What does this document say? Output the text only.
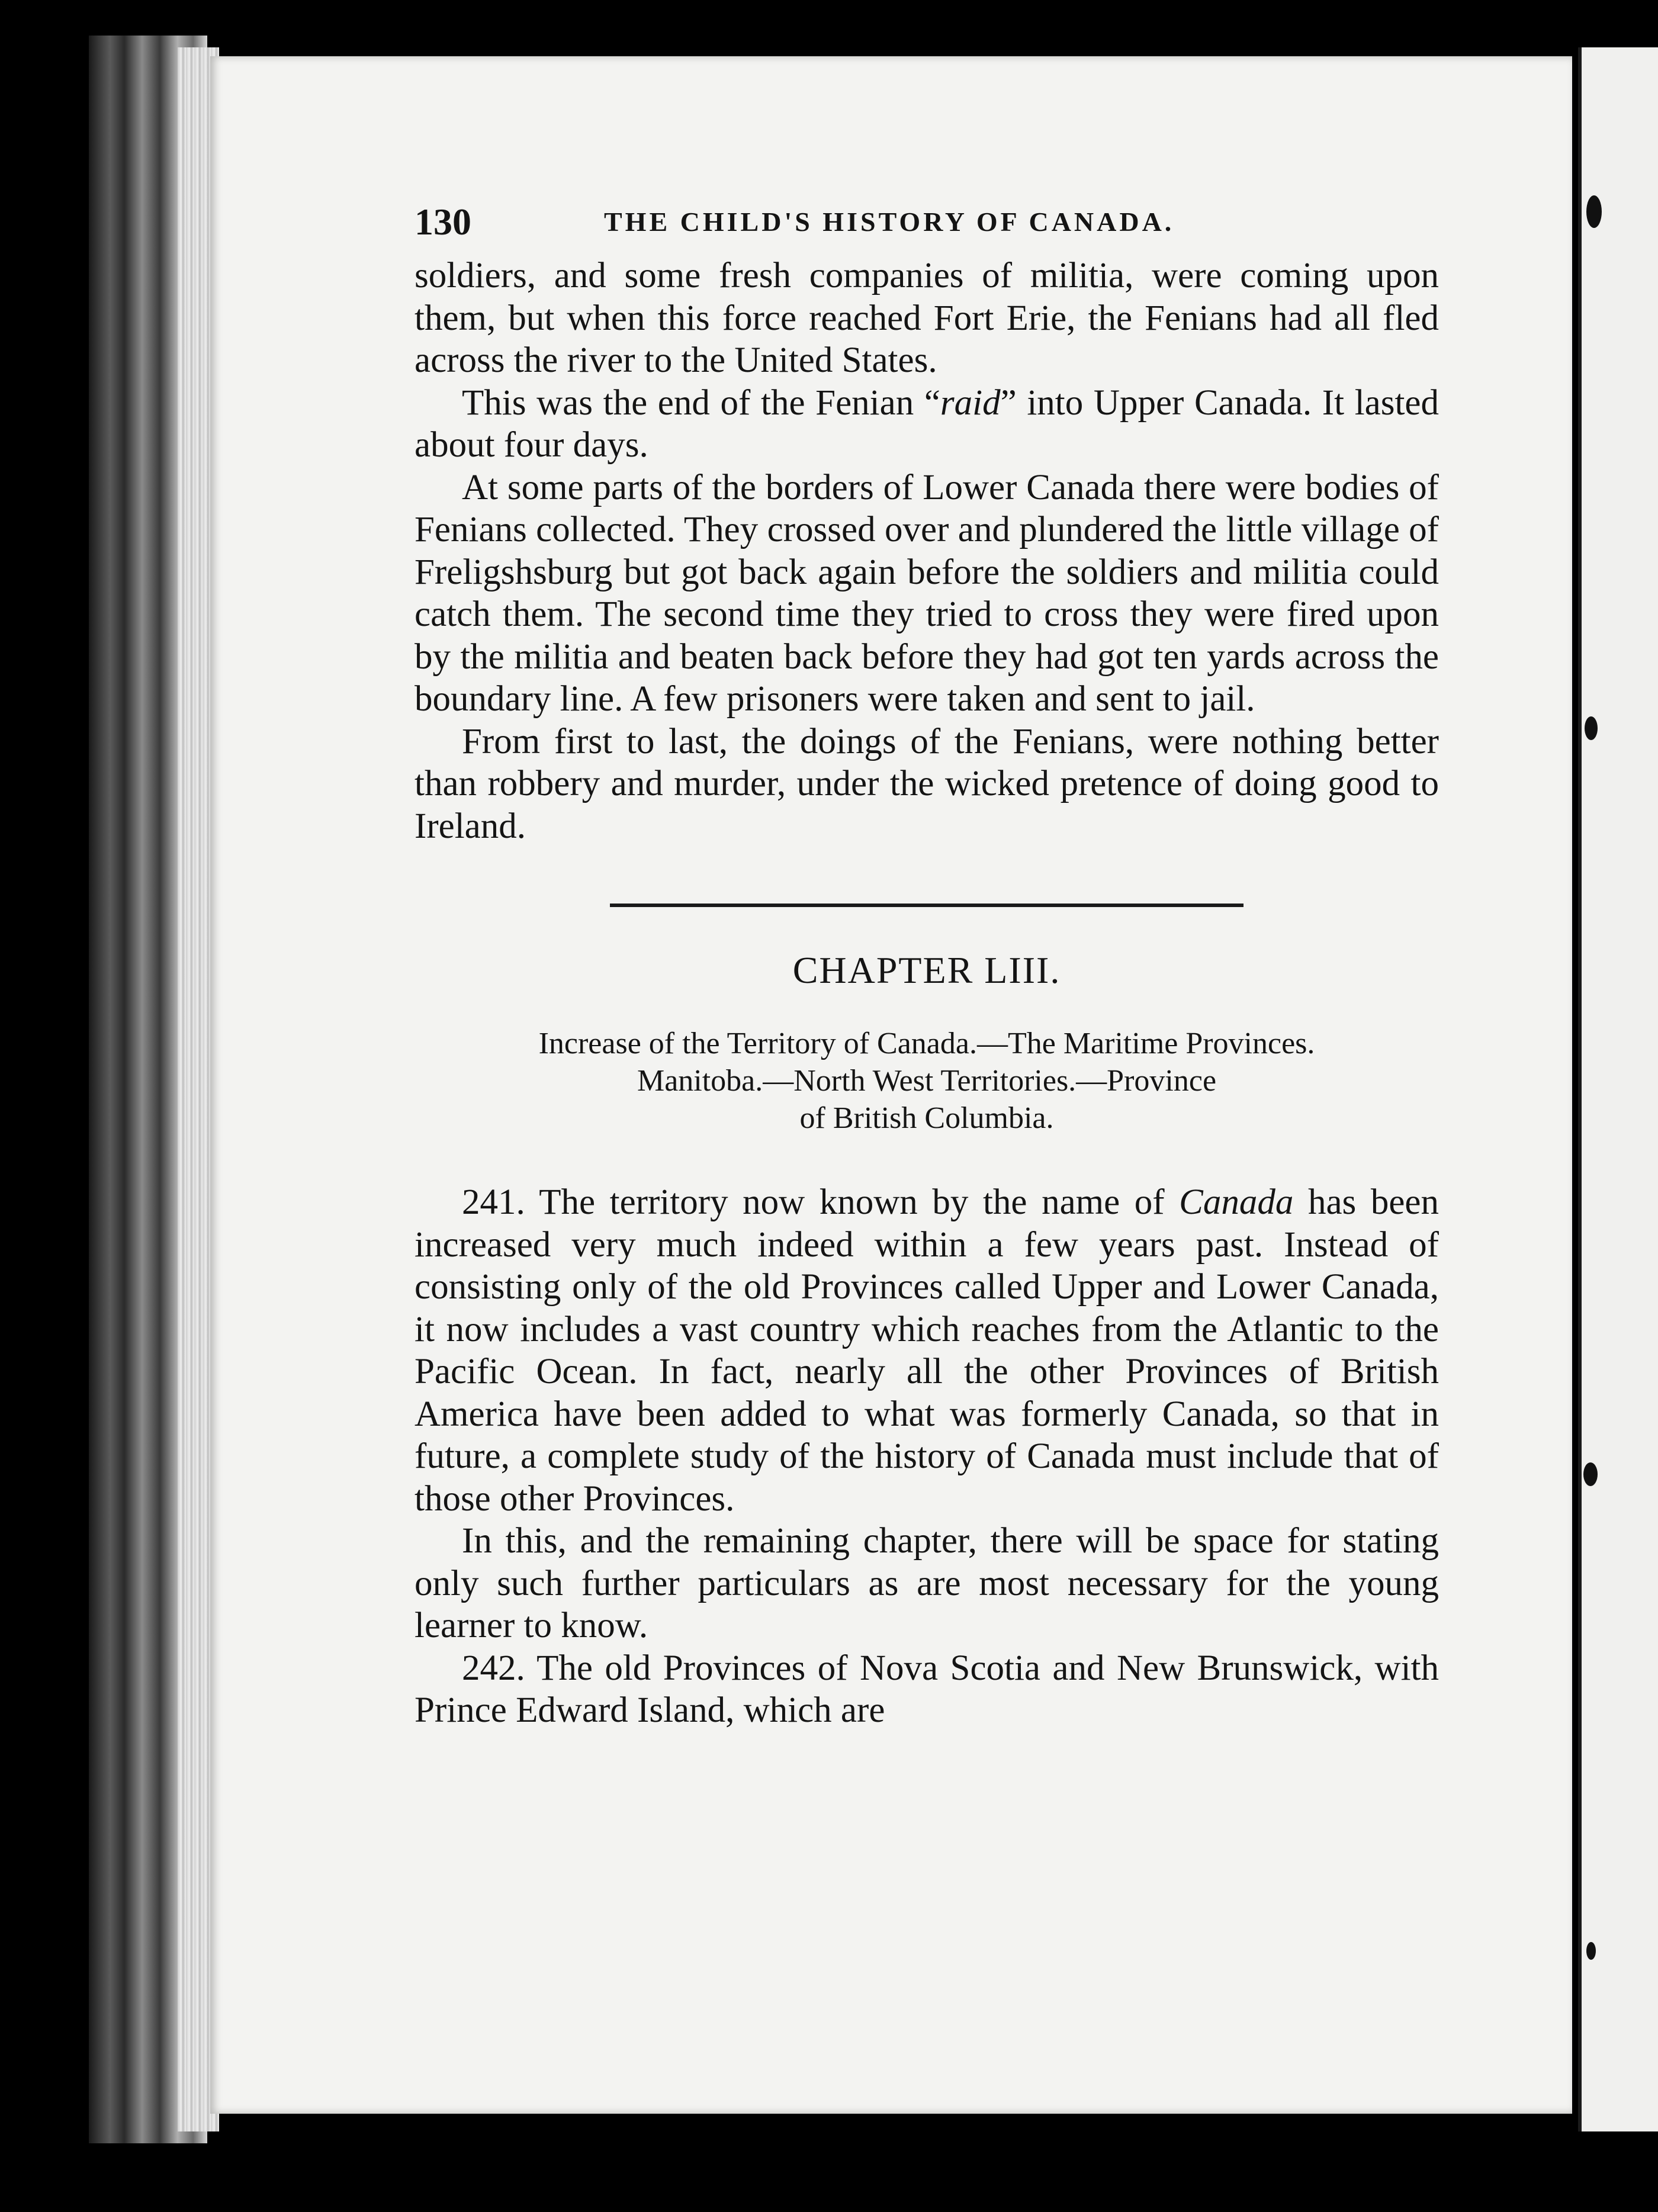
130	THE CHILD'S HISTORY OF CANADA.

soldiers, and some fresh companies of militia, were coming upon them, but when this force reached Fort Erie, the Fenians had all fled across the river to the United States.

This was the end of the Fenian “raid” into Upper Canada. It lasted about four days.

At some parts of the borders of Lower Canada there were bodies of Fenians collected. They crossed over and plundered the little village of Freligshsburg but got back again before the soldiers and militia could catch them. The second time they tried to cross they were fired upon by the militia and beaten back before they had got ten yards across the boundary line. A few prisoners were taken and sent to jail.

From first to last, the doings of the Fenians, were nothing better than robbery and murder, under the wicked pretence of doing good to Ireland.

CHAPTER LIII.
Increase of the Territory of Canada.—The Maritime Provinces.
Manitoba.—North West Territories.—Province
of British Columbia.

241. The territory now known by the name of Canada has been increased very much indeed within a few years past. Instead of consisting only of the old Provinces called Upper and Lower Canada, it now includes a vast country which reaches from the Atlantic to the Pacific Ocean. In fact, nearly all the other Provinces of British America have been added to what was formerly Canada, so that in future, a complete study of the history of Canada must include that of those other Provinces.

In this, and the remaining chapter, there will be space for stating only such further particulars as are most necessary for the young learner to know.

242. The old Provinces of Nova Scotia and New Brunswick, with Prince Edward Island, which are
